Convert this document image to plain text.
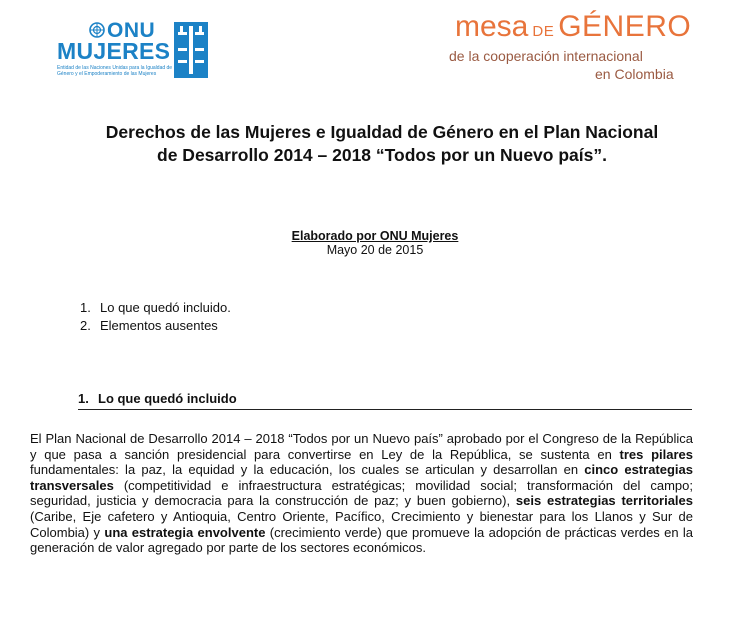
ONU
MUJERES
Entidad de las Naciones Unidas para la Igualdad de Género y el Empoderamiento de las Mujeres
mesa DE GÉNERO
de la cooperación internacional
en Colombia
Derechos de las Mujeres e Igualdad de Género en el Plan Nacional
de Desarrollo 2014 – 2018 “Todos por un Nuevo país”.
Elaborado por ONU Mujeres
Mayo 20 de 2015
1. Lo que quedó incluido.
2. Elementos ausentes
1. Lo que quedó incluido

El Plan Nacional de Desarrollo 2014 – 2018 “Todos por un Nuevo país” aprobado por el Congreso de la República y que pasa a sanción presidencial para convertirse en Ley de la República, se sustenta en tres pilares fundamentales: la paz, la equidad y la educación, los cuales se articulan y desarrollan en cinco estrategias transversales (competitividad e infraestructura estratégicas; movilidad social; transformación del campo; seguridad, justicia y democracia para la construcción de paz; y buen gobierno), seis estrategias territoriales (Caribe, Eje cafetero y Antioquia, Centro Oriente, Pacífico, Crecimiento y bienestar para los Llanos y Sur de Colombia) y una estrategia envolvente (crecimiento verde) que promueve la adopción de prácticas verdes en la generación de valor agregado por parte de los sectores económicos.
